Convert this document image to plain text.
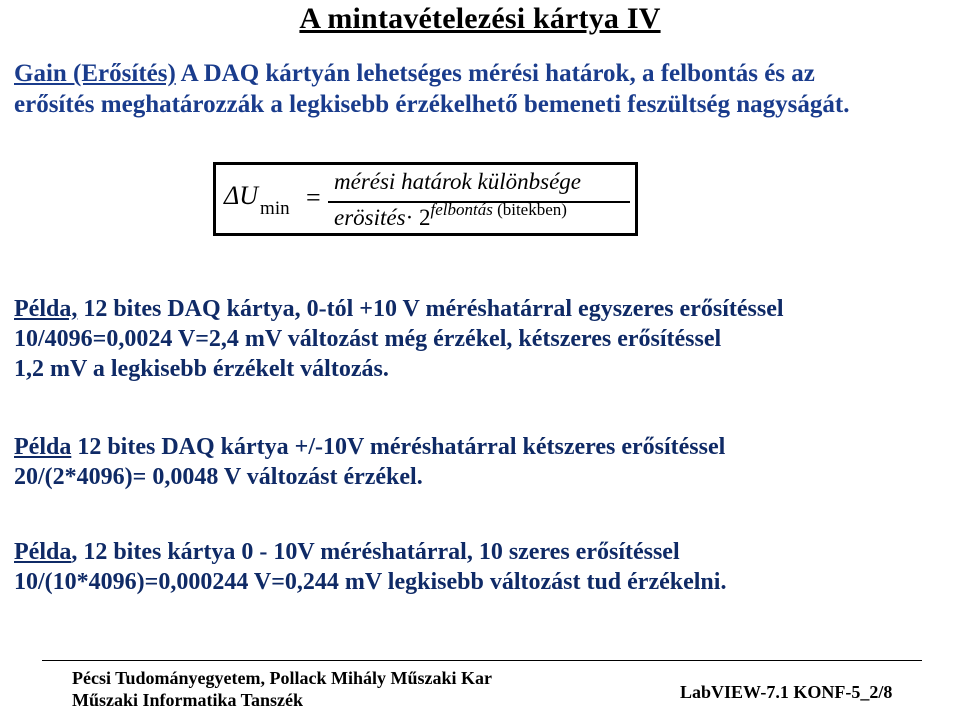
A mintavételezési kártya IV
Gain (Erősítés) A DAQ kártyán lehetséges mérési határok, a felbontás és az
erősítés meghatározzák a legkisebb érzékelhető bemeneti feszültség nagyságát.
ΔU $_{min}$ =
mérési határok különbsége
erösités· $2^{felbontás (bitekben)}$
Példa, 12 bites DAQ kártya, 0-tól +10 V méréshatárral egyszeres erősítéssel
10/4096=0,0024 V=2,4 mV változást még érzékel, kétszeres erősítéssel
1,2 mV a legkisebb érzékelt változás.
Példa 12 bites DAQ kártya +/-10V méréshatárral kétszeres erősítéssel
20/(2*4096)= 0,0048 V változást érzékel.
Példa, 12 bites kártya 0 - 10V méréshatárral, 10 szeres erősítéssel
10/(10*4096)=0,000244 V=0,244 mV legkisebb változást tud érzékelni.
Pécsi Tudományegyetem, Pollack Mihály Műszaki Kar
Műszaki Informatika Tanszék	LabVIEW-7.1 KONF-5_2/8
